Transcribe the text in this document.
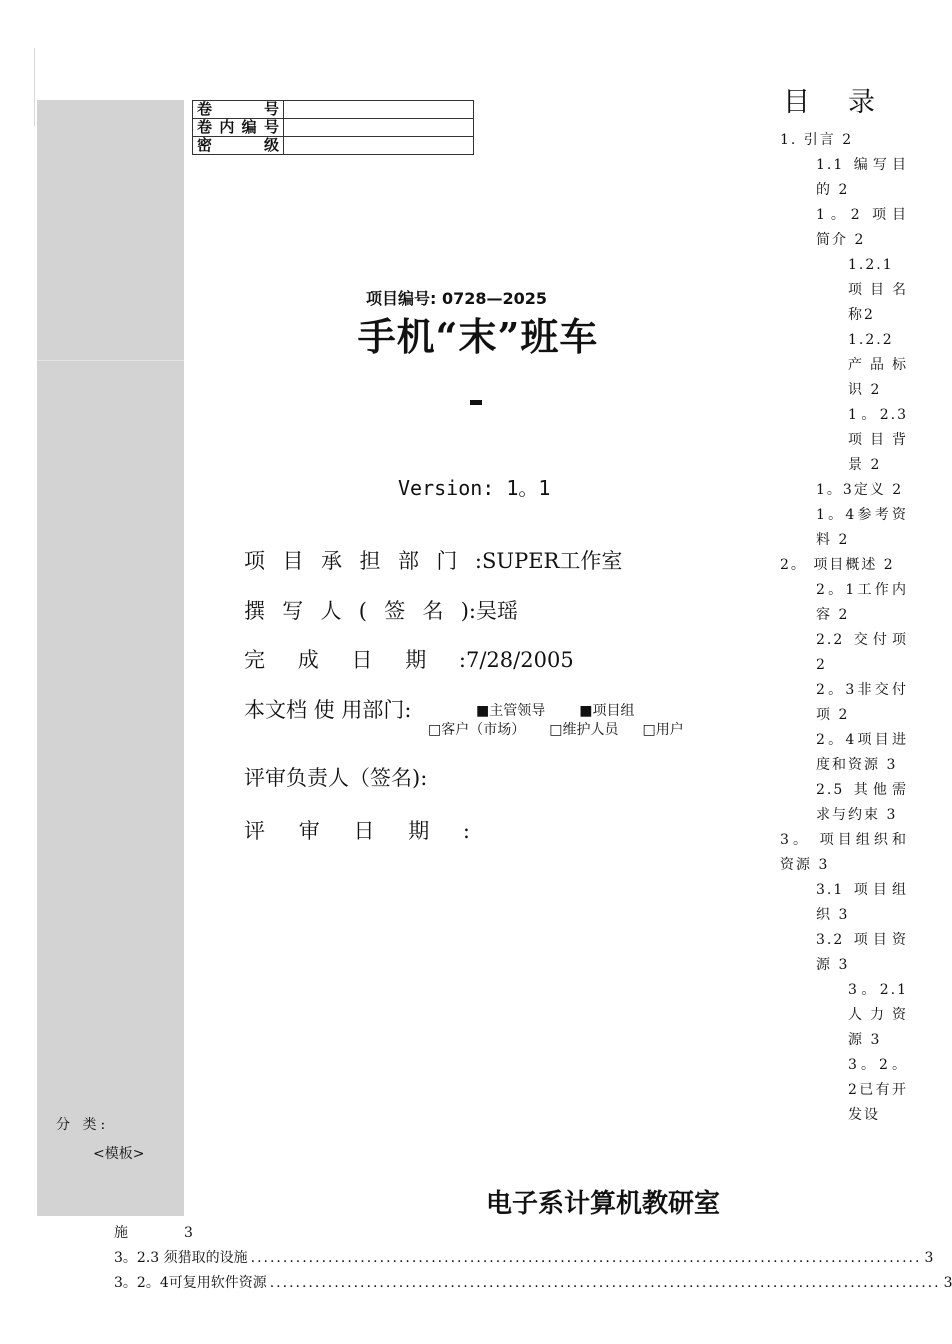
卷号	
卷内编号	
密级	
项目编号: 0728—2025
手机“末”班车
Version: 1。1
项目承担部门:SUPER工作室
撰写人(签名):吴瑶
完成日期:7/28/2005
本文档 使 用部门:	■主管领导 ■项目组
□客户（市场） □维护人员 □用户
评审负责人（签名):
评审日期:
分 类:
<模板>
电子系计算机教研室
目录
1. 引言 2
1.1 编写目的 2
1。2 项目简介 2
1.2.1 项目名称2
1.2.2 产品标识 2
1。2.3 项目背景 2
1。3定义 2
1。4参考资料 2
2。 项目概述 2
2。1工作内容 2
2.2 交付项 2
2。3非交付项 2
2。4项目进度和资源 3
2.5 其他需求与约束 3
3。 项目组织和资源 3
3.1 项目组织 3
3.2 项目资源 3
3。2.1 人力资源 3
3。2。2已有开发设
施	3
3。2.3 须猎取的设施 ........................................................................................................ 3
3。2。4可复用软件资源 ........................................................................................................ 3
